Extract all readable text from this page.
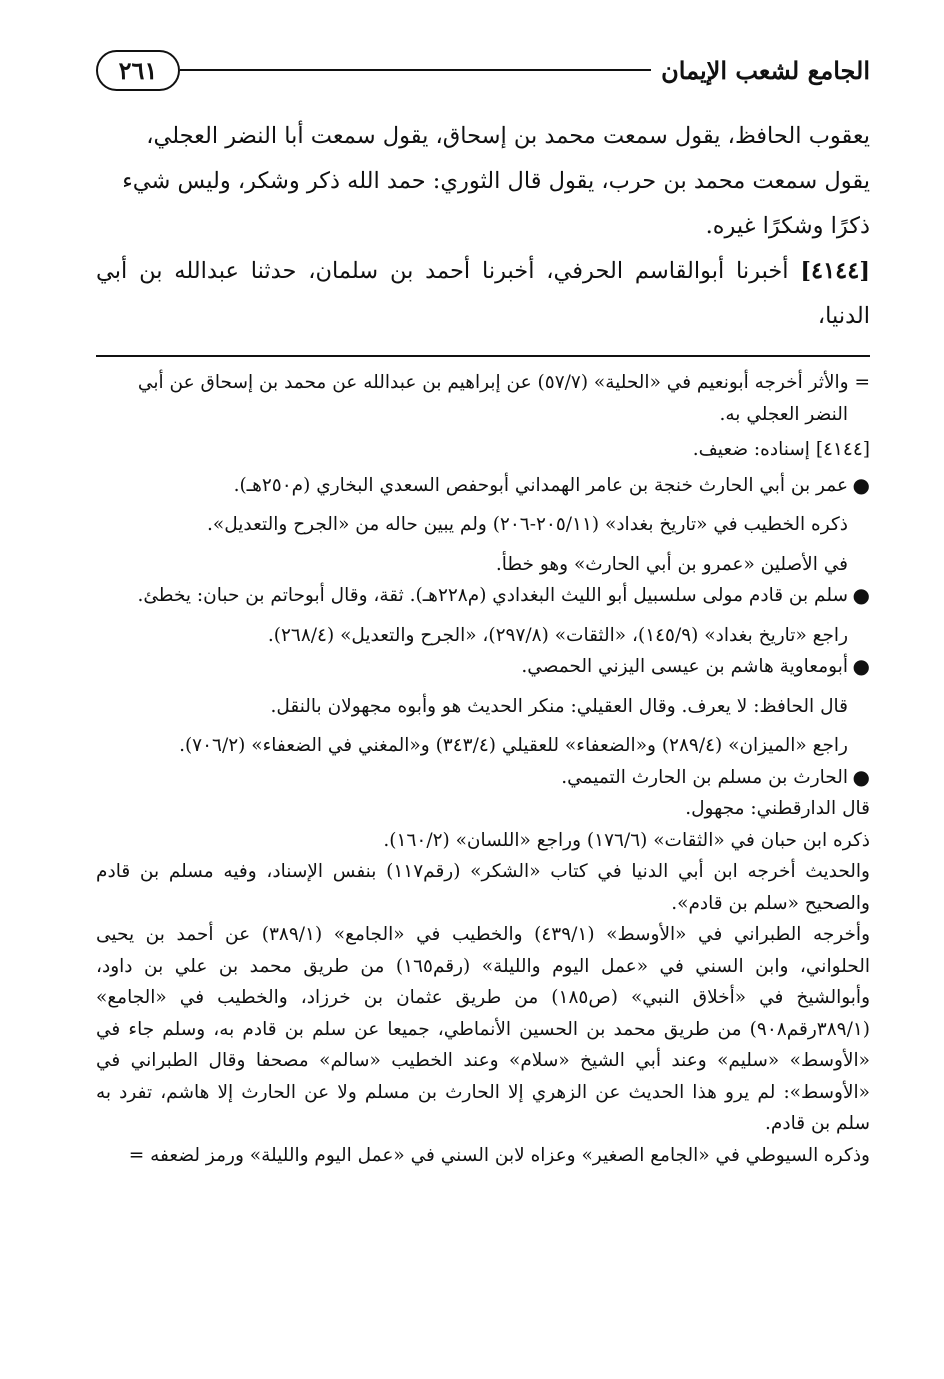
الجامع لشعب الإيمان
٢٦١

يعقوب الحافظ، يقول سمعت محمد بن إسحاق، يقول سمعت أبا النضر العجلي،

يقول سمعت محمد بن حرب، يقول قال الثوري: حمد الله ذكر وشكر، وليس شيء

ذكرًا وشكرًا غيره.

[٤١٤٤] أخبرنا أبوالقاسم الحرفي، أخبرنا أحمد بن سلمان، حدثنا عبدالله بن أبي الدنيا،

= والأثر أخرجه أبونعيم في «الحلية» (٥٧/٧) عن إبراهيم بن عبدالله عن محمد بن إسحاق عن أبي

النضر العجلي به.

[٤١٤٤] إسناده: ضعيف.

●
عمر بن أبي الحارث خنجة بن عامر الهمداني أبوحفص السعدي البخاري (م٢٥٠هـ).

ذكره الخطيب في «تاريخ بغداد» (٢٠٥/١١-٢٠٦) ولم يبين حاله من «الجرح والتعديل».

في الأصلين «عمرو بن أبي الحارث» وهو خطأ.

●
سلم بن قادم مولى سلسبيل أبو الليث البغدادي (م٢٢٨هـ). ثقة، وقال أبوحاتم بن حبان: يخطئ.

راجع «تاريخ بغداد» (١٤٥/٩)، «الثقات» (٢٩٧/٨)، «الجرح والتعديل» (٢٦٨/٤).

●
أبومعاوية هاشم بن عيسى اليزني الحمصي.

قال الحافظ: لا يعرف. وقال العقيلي: منكر الحديث هو وأبوه مجهولان بالنقل.

راجع «الميزان» (٢٨٩/٤) و«الضعفاء» للعقيلي (٣٤٣/٤) و«المغني في الضعفاء» (٧٠٦/٢).

●
الحارث بن مسلم بن الحارث التميمي.

قال الدارقطني: مجهول.

ذكره ابن حبان في «الثقات» (١٧٦/٦) وراجع «اللسان» (١٦٠/٢).

والحديث أخرجه ابن أبي الدنيا في كتاب «الشكر» (رقم١١٧) بنفس الإسناد، وفيه مسلم بن قادم والصحيح «سلم بن قادم».

وأخرجه الطبراني في «الأوسط» (٤٣٩/١) والخطيب في «الجامع» (٣٨٩/١) عن أحمد بن يحيى الحلواني، وابن السني في «عمل اليوم والليلة» (رقم١٦٥) من طريق محمد بن علي بن داود، وأبوالشيخ في «أخلاق النبي» (ص١٨٥) من طريق عثمان بن خرزاد، والخطيب في «الجامع» (٣٨٩/١رقم٩٠٨) من طريق محمد بن الحسين الأنماطي، جميعا عن سلم بن قادم به، وسلم جاء في «الأوسط» «سليم» وعند أبي الشيخ «سلام» وعند الخطيب «سالم» مصحفا وقال الطبراني في «الأوسط»: لم يرو هذا الحديث عن الزهري إلا الحارث بن مسلم ولا عن الحارث إلا هاشم، تفرد به سلم بن قادم.

وذكره السيوطي في «الجامع الصغير» وعزاه لابن السني في «عمل اليوم والليلة» ورمز لضعفه =
